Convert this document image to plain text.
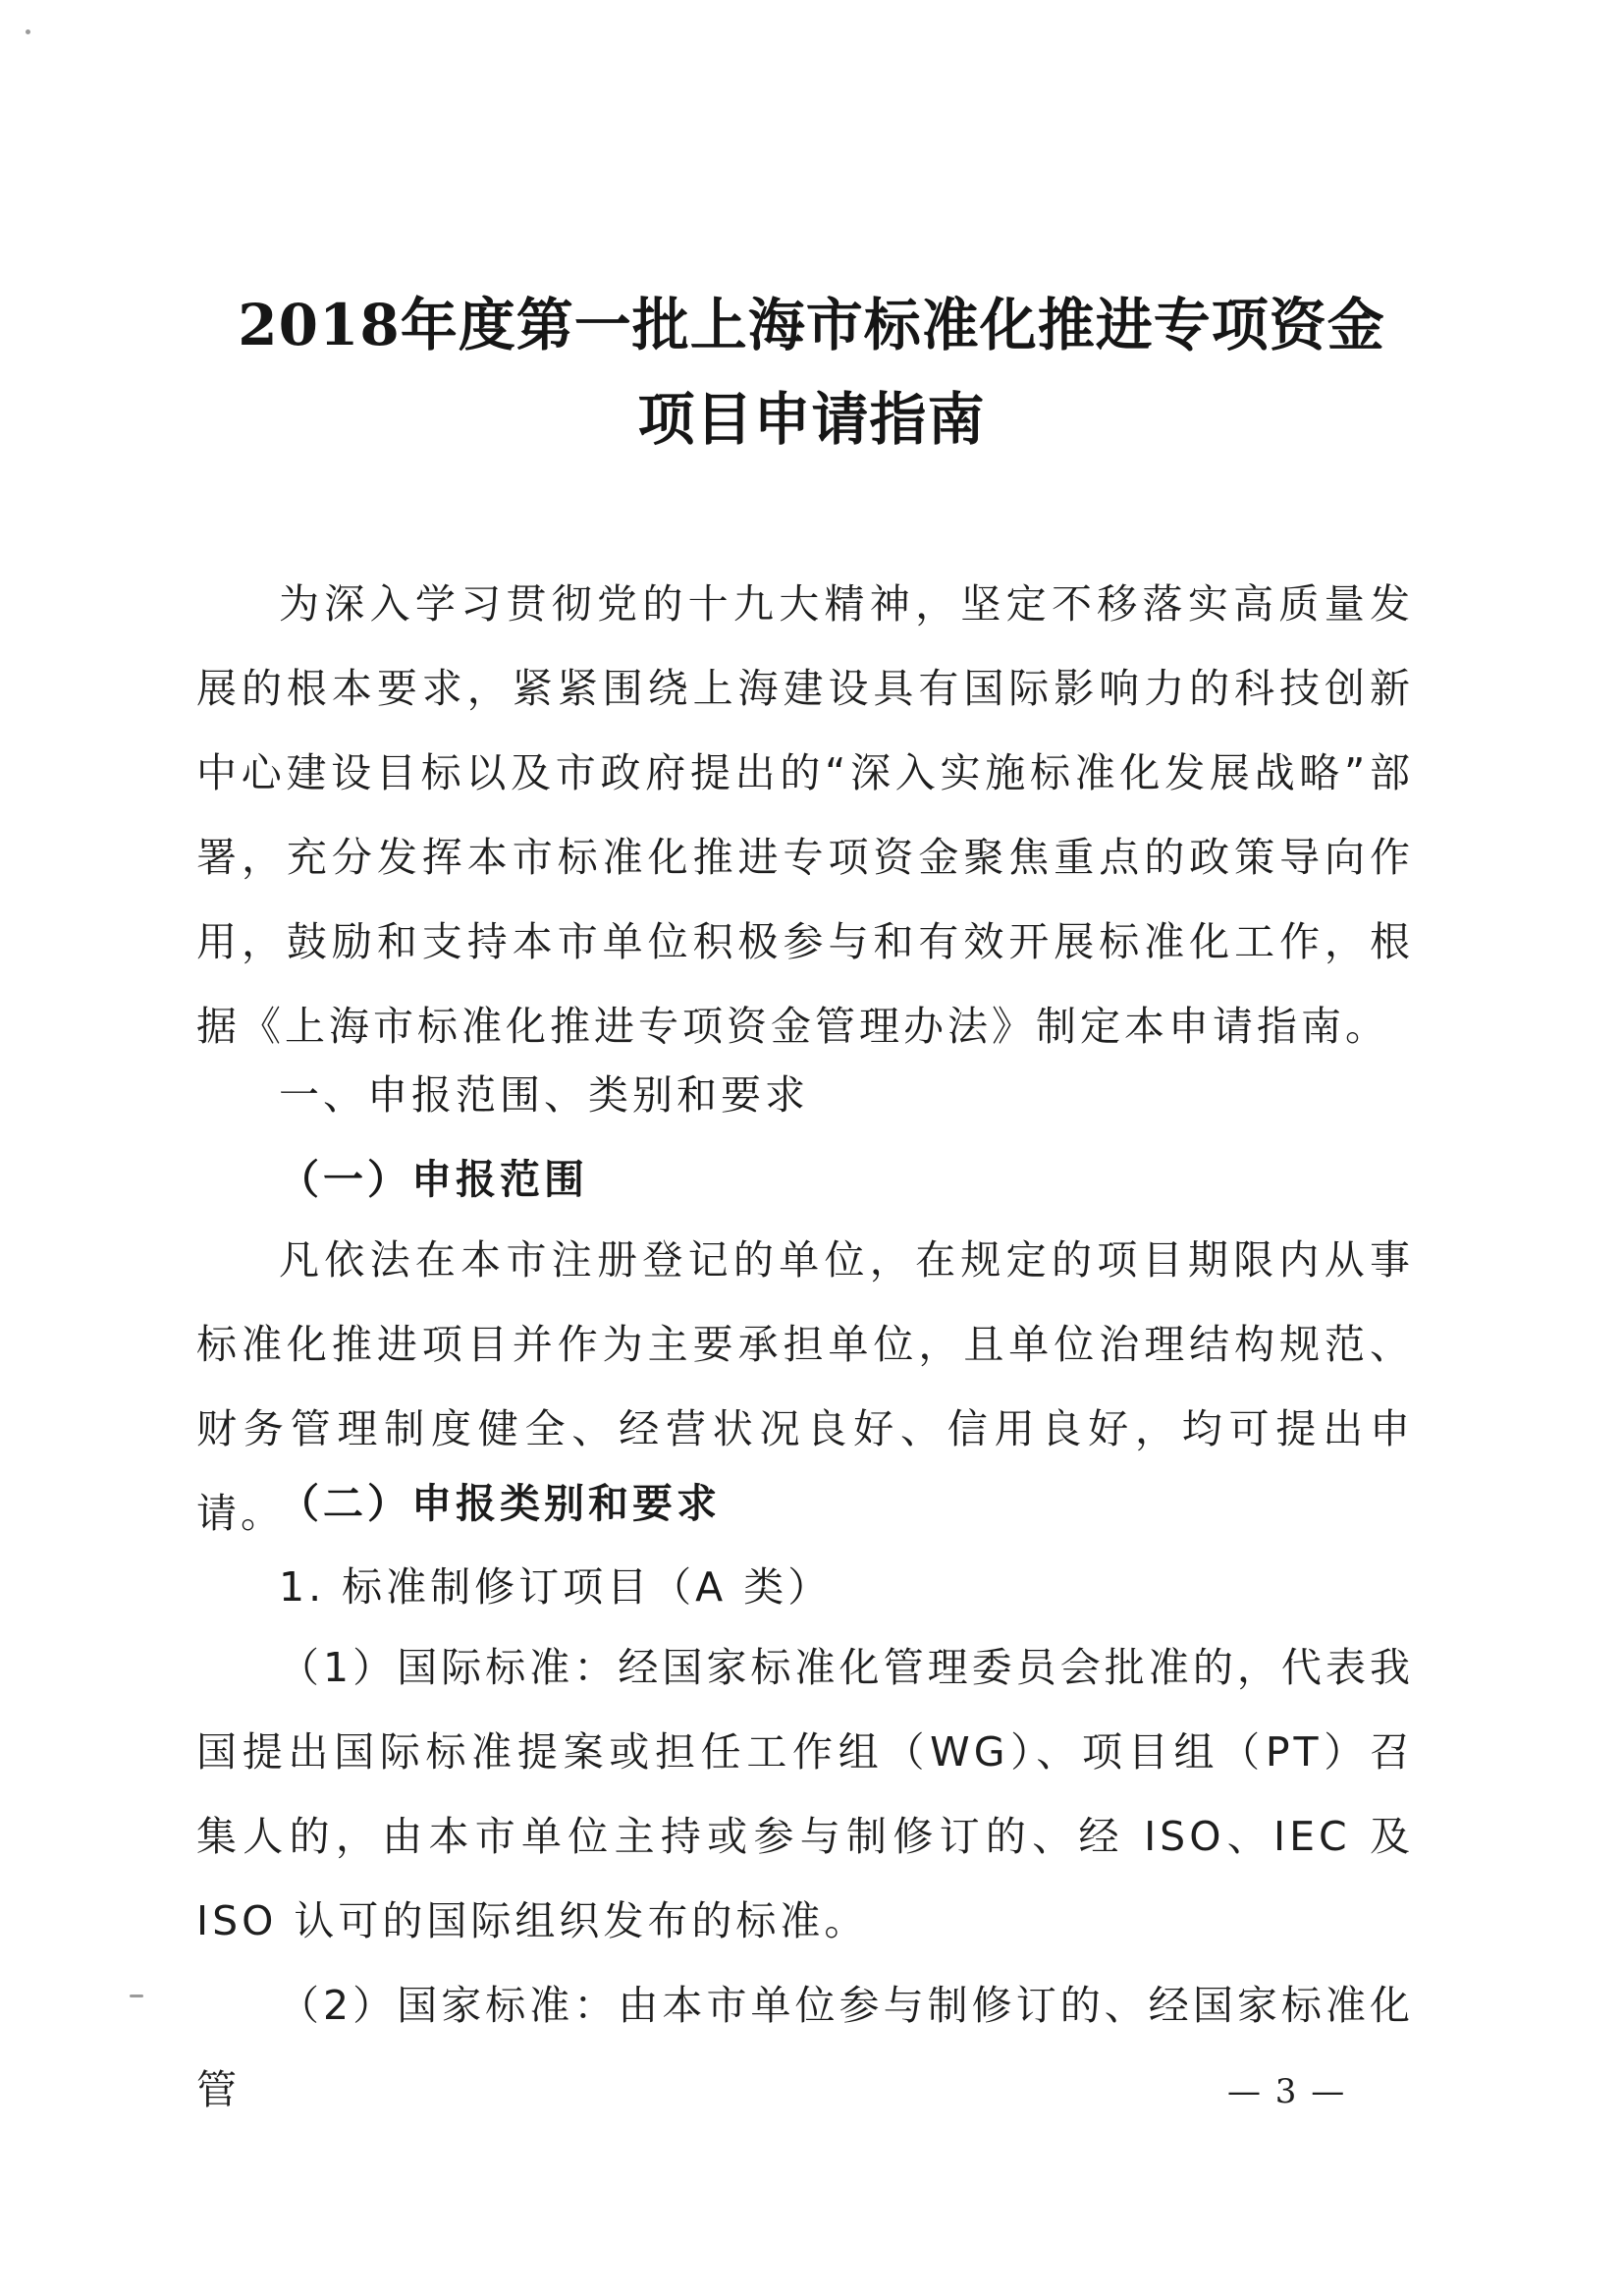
2018年度第一批上海市标准化推进专项资金
项目申请指南
为深入学习贯彻党的十九大精神，坚定不移落实高质量发展的根本要求，紧紧围绕上海建设具有国际影响力的科技创新中心建设目标以及市政府提出的“深入实施标准化发展战略”部署，充分发挥本市标准化推进专项资金聚焦重点的政策导向作用，鼓励和支持本市单位积极参与和有效开展标准化工作，根据《上海市标准化推进专项资金管理办法》制定本申请指南。
一、申报范围、类别和要求
（一）申报范围
凡依法在本市注册登记的单位，在规定的项目期限内从事标准化推进项目并作为主要承担单位，且单位治理结构规范、财务管理制度健全、经营状况良好、信用良好，均可提出申请。
（二）申报类别和要求
1. 标准制修订项目（A 类）
（1）国际标准：经国家标准化管理委员会批准的，代表我国提出国际标准提案或担任工作组（WG）、项目组（PT）召集人的，由本市单位主持或参与制修订的、经 ISO、IEC 及 ISO 认可的国际组织发布的标准。
（2）国家标准：由本市单位参与制修订的、经国家标准化管	— 3 —
